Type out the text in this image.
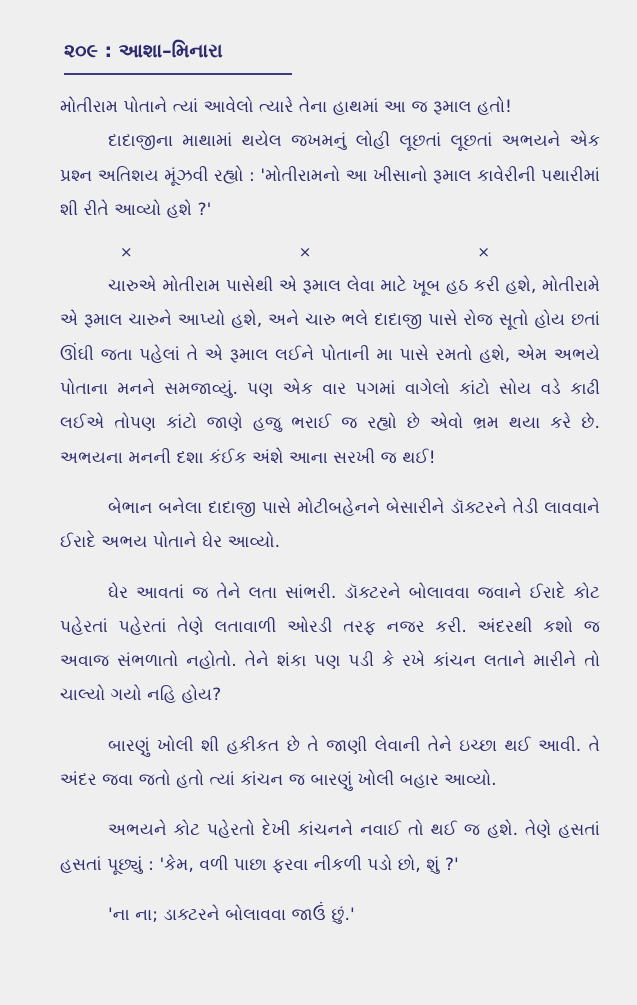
૨૦૯ : આશા–મિનારા

મોતીરામ પોતાને ત્યાં આવેલો ત્યારે તેના હાથમાં આ જ રૂમાલ હતો!

દાદાજીના માથામાં થયેલ જખમનું લોહી લૂછતાં લૂછતાં અભયને એક પ્રશ્ન અતિશય મૂંઝવી રહ્યો : 'મોતીરામનો આ ખીસાનો રૂમાલ કાવેરીની પથારીમાં શી રીતે આવ્યો હશે ?'

×	×	×

ચારુએ મોતીરામ પાસેથી એ રૂમાલ લેવા માટે ખૂબ હઠ કરી હશે, મોતીરામે એ રૂમાલ ચારુને આપ્યો હશે, અને ચારુ ભલે દાદાજી પાસે રોજ સૂતો હોય છતાં ઊંઘી જતા પહેલાં તે એ રૂમાલ લઈને પોતાની મા પાસે રમતો હશે, એમ અભયે પોતાના મનને સમજાવ્યું. પણ એક વાર પગમાં વાગેલો કાંટો સોય વડે કાઢી લઈએ તોપણ કાંટો જાણે હજુ ભરાઈ જ રહ્યો છે એવો ભ્રમ થયા કરે છે. અભયના મનની દશા કંઈક અંશે આના સરખી જ થઈ!

બેભાન બનેલા દાદાજી પાસે મોટીબહેનને બેસારીને ડૉક્ટરને તેડી લાવવાને ઈરાદે અભય પોતાને ઘેર આવ્યો.

ઘેર આવતાં જ તેને લતા સાંભરી. ડૉક્ટરને બોલાવવા જવાને ઈરાદે કોટ પહેરતાં પહેરતાં તેણે લતાવાળી ઓરડી તરફ નજર કરી. અંદરથી કશો જ અવાજ સંભળાતો નહોતો. તેને શંકા પણ પડી કે રખે કાંચન લતાને મારીને તો ચાલ્યો ગયો નહિ હોય?

બારણું ખોલી શી હકીકત છે તે જાણી લેવાની તેને ઇચ્છા થઈ આવી. તે અંદર જવા જતો હતો ત્યાં કાંચન જ બારણું ખોલી બહાર આવ્યો.

અભયને કોટ પહેરતો દેખી કાંચનને નવાઈ તો થઈ જ હશે. તેણે હસતાં હસતાં પૂછ્યું : 'કેમ, વળી પાછા ફરવા નીકળી પડો છો, શું ?'

'ના ના; ડાક્ટરને બોલાવવા જાઉં છું.'
